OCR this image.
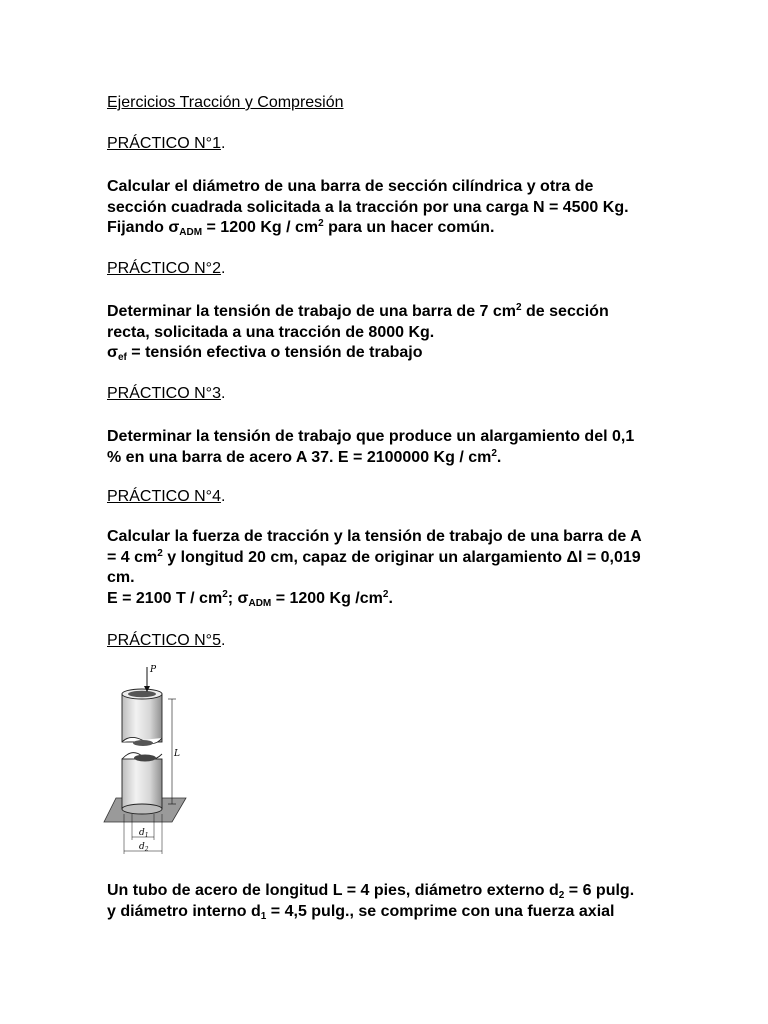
Ejercicios Tracción y Compresión
PRÁCTICO N°1.
Calcular el diámetro de una barra de sección cilíndrica y otra de
sección cuadrada solicitada a la tracción por una carga N = 4500 Kg.
Fijando $\sigma_{ADM} = 1200$ Kg / $cm^2$ para un hacer común.
PRÁCTICO N°2.
Determinar la tensión de trabajo de una barra de 7 $cm^2$ de sección
recta, solicitada a una tracción de 8000 Kg.
$\sigma_{ef}$ = tensión efectiva o tensión de trabajo
PRÁCTICO N°3.
Determinar la tensión de trabajo que produce un alargamiento del 0,1
% en una barra de acero A 37. E = 2100000 Kg / $cm^2$.
PRÁCTICO N°4.
Calcular la fuerza de tracción y la tensión de trabajo de una barra de A
= 4 $cm^2$ y longitud 20 cm, capaz de originar un alargamiento Δl = 0,019
cm.
E = 2100 T / $cm^2$; $\sigma_{ADM} = 1200$ Kg $/cm^2$.
PRÁCTICO N°5.
P
L
$d_1$
$d_2$
Un tubo de acero de longitud L = 4 pies, diámetro externo $d_2 = 6$ pulg.
y diámetro interno $d_1 = 4,5$ pulg., se comprime con una fuerza axial
